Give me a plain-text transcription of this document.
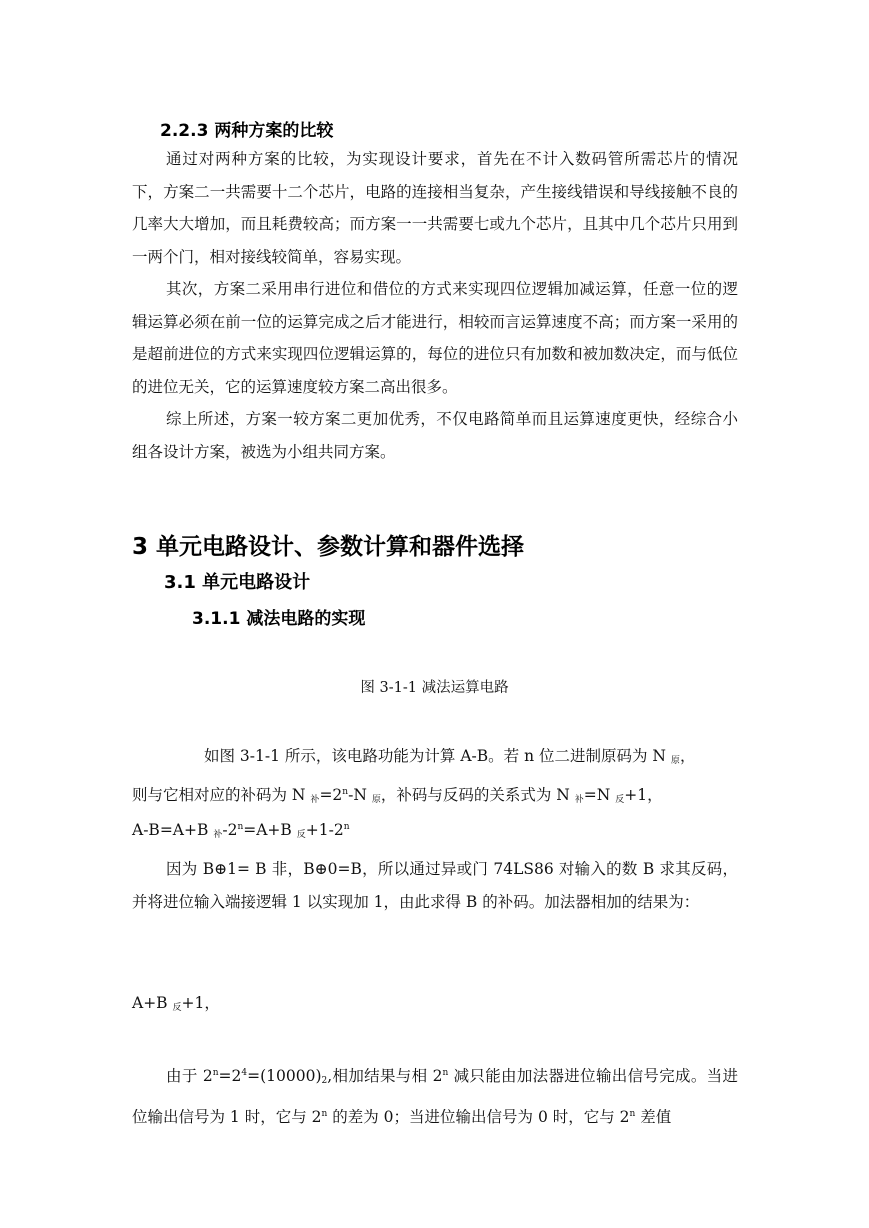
2.2.3 两种方案的比较

通过对两种方案的比较，为实现设计要求，首先在不计入数码管所需芯片的情况下，方案二一共需要十二个芯片，电路的连接相当复杂，产生接线错误和导线接触不良的几率大大增加，而且耗费较高；而方案一一共需要七或九个芯片，且其中几个芯片只用到一两个门，相对接线较简单，容易实现。

其次，方案二采用串行进位和借位的方式来实现四位逻辑加减运算，任意一位的逻辑运算必须在前一位的运算完成之后才能进行，相较而言运算速度不高；而方案一采用的是超前进位的方式来实现四位逻辑运算的，每位的进位只有加数和被加数决定，而与低位的进位无关，它的运算速度较方案二高出很多。

综上所述，方案一较方案二更加优秀，不仅电路简单而且运算速度更快，经综合小组各设计方案，被选为小组共同方案。

3 单元电路设计、参数计算和器件选择
3.1 单元电路设计
3.1.1 减法电路的实现
图 3-1-1 减法运算电路
如图 3-1-1 所示，该电路功能为计算 A-B。若 n 位二进制原码为 N 原，
则与它相对应的补码为 N 补$=2^n-N$ 原，补码与反码的关系式为 N 补=N 反+1，
A-B=A+B 补$-2^n=A+B$ 反$+1-2^n$

因为 B⊕1= B 非，B⊕0=B，所以通过异或门 74LS86 对输入的数 B 求其反码，并将进位输入端接逻辑 1 以实现加 1，由此求得 B 的补码。加法器相加的结果为：

A+B 反+1，

由于 $2^n=2^4=(10000)2$,相加结果与相 2$^n$ 减只能由加法器进位输出信号完成。当进位输出信号为 1 时，它与 2$^n$ 的差为 0；当进位输出信号为 0 时，它与 2$^n$ 差值
